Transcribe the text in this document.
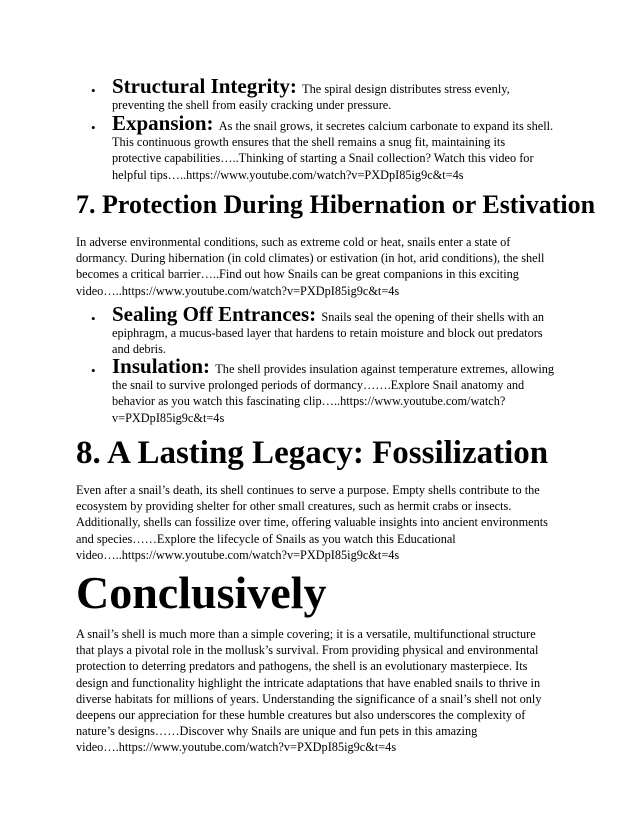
• Structural Integrity: The spiral design distributes stress evenly, preventing the shell from easily cracking under pressure.
• Expansion: As the snail grows, it secretes calcium carbonate to expand its shell. This continuous growth ensures that the shell remains a snug fit, maintaining its protective capabilities…..Thinking of starting a Snail collection? Watch this video for helpful tips…..https://www.youtube.com/watch?v=PXDpI85ig9c&t=4s
7. Protection During Hibernation or Estivation

In adverse environmental conditions, such as extreme cold or heat, snails enter a state of dormancy. During hibernation (in cold climates) or estivation (in hot, arid conditions), the shell becomes a critical barrier…..Find out how Snails can be great companions in this exciting video…..https://www.youtube.com/watch?v=PXDpI85ig9c&t=4s

• Sealing Off Entrances: Snails seal the opening of their shells with an epiphragm, a mucus-based layer that hardens to retain moisture and block out predators and debris.
• Insulation: The shell provides insulation against temperature extremes, allowing the snail to survive prolonged periods of dormancy…….Explore Snail anatomy and behavior as you watch this fascinating clip…..https://www.youtube.com/watch?v=PXDpI85ig9c&t=4s
8. A Lasting Legacy: Fossilization

Even after a snail’s death, its shell continues to serve a purpose. Empty shells contribute to the ecosystem by providing shelter for other small creatures, such as hermit crabs or insects. Additionally, shells can fossilize over time, offering valuable insights into ancient environments and species……Explore the lifecycle of Snails as you watch this Educational video…..https://www.youtube.com/watch?v=PXDpI85ig9c&t=4s

Conclusively

A snail’s shell is much more than a simple covering; it is a versatile, multifunctional structure that plays a pivotal role in the mollusk’s survival. From providing physical and environmental protection to deterring predators and pathogens, the shell is an evolutionary masterpiece. Its design and functionality highlight the intricate adaptations that have enabled snails to thrive in diverse habitats for millions of years. Understanding the significance of a snail’s shell not only deepens our appreciation for these humble creatures but also underscores the complexity of nature’s designs……Discover why Snails are unique and fun pets in this amazing video….https://www.youtube.com/watch?v=PXDpI85ig9c&t=4s
